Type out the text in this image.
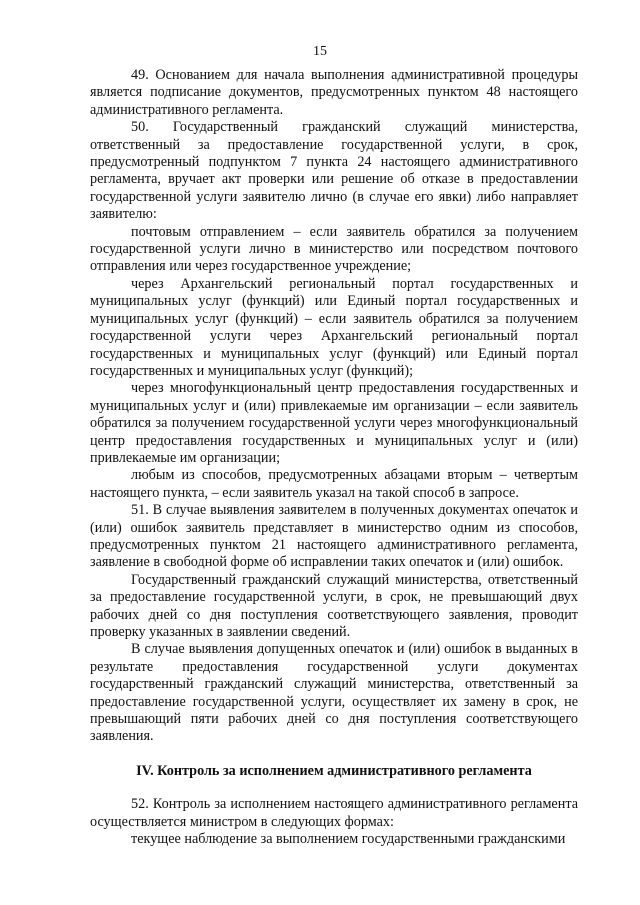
15

49. Основанием для начала выполнения административной процедуры является подписание документов, предусмотренных пунктом 48 настоящего административного регламента.

50. Государственный гражданский служащий министерства, ответственный за предоставление государственной услуги, в срок, предусмотренный подпунктом 7 пункта 24 настоящего административного регламента, вручает акт проверки или решение об отказе в предоставлении государственной услуги заявителю лично (в случае его явки) либо направляет заявителю:

почтовым отправлением – если заявитель обратился за получением государственной услуги лично в министерство или посредством почтового отправления или через государственное учреждение;

через Архангельский региональный портал государственных и муниципальных услуг (функций) или Единый портал государственных и муниципальных услуг (функций) – если заявитель обратился за получением государственной услуги через Архангельский региональный портал государственных и муниципальных услуг (функций) или Единый портал государственных и муниципальных услуг (функций);

через многофункциональный центр предоставления государственных и муниципальных услуг и (или) привлекаемые им организации – если заявитель обратился за получением государственной услуги через многофункциональный центр предоставления государственных и муниципальных услуг и (или) привлекаемые им организации;

любым из способов, предусмотренных абзацами вторым – четвертым настоящего пункта, – если заявитель указал на такой способ в запросе.

51. В случае выявления заявителем в полученных документах опечаток и (или) ошибок заявитель представляет в министерство одним из способов, предусмотренных пунктом 21 настоящего административного регламента, заявление в свободной форме об исправлении таких опечаток и (или) ошибок.

Государственный гражданский служащий министерства, ответственный за предоставление государственной услуги, в срок, не превышающий двух рабочих дней со дня поступления соответствующего заявления, проводит проверку указанных в заявлении сведений.

В случае выявления допущенных опечаток и (или) ошибок в выданных в результате предоставления государственной услуги документах государственный гражданский служащий министерства, ответственный за предоставление государственной услуги, осуществляет их замену в срок, не превышающий пяти рабочих дней со дня поступления соответствующего заявления.

IV. Контроль за исполнением административного регламента

52. Контроль за исполнением настоящего административного регламента осуществляется министром в следующих формах:

текущее наблюдение за выполнением государственными гражданскими
